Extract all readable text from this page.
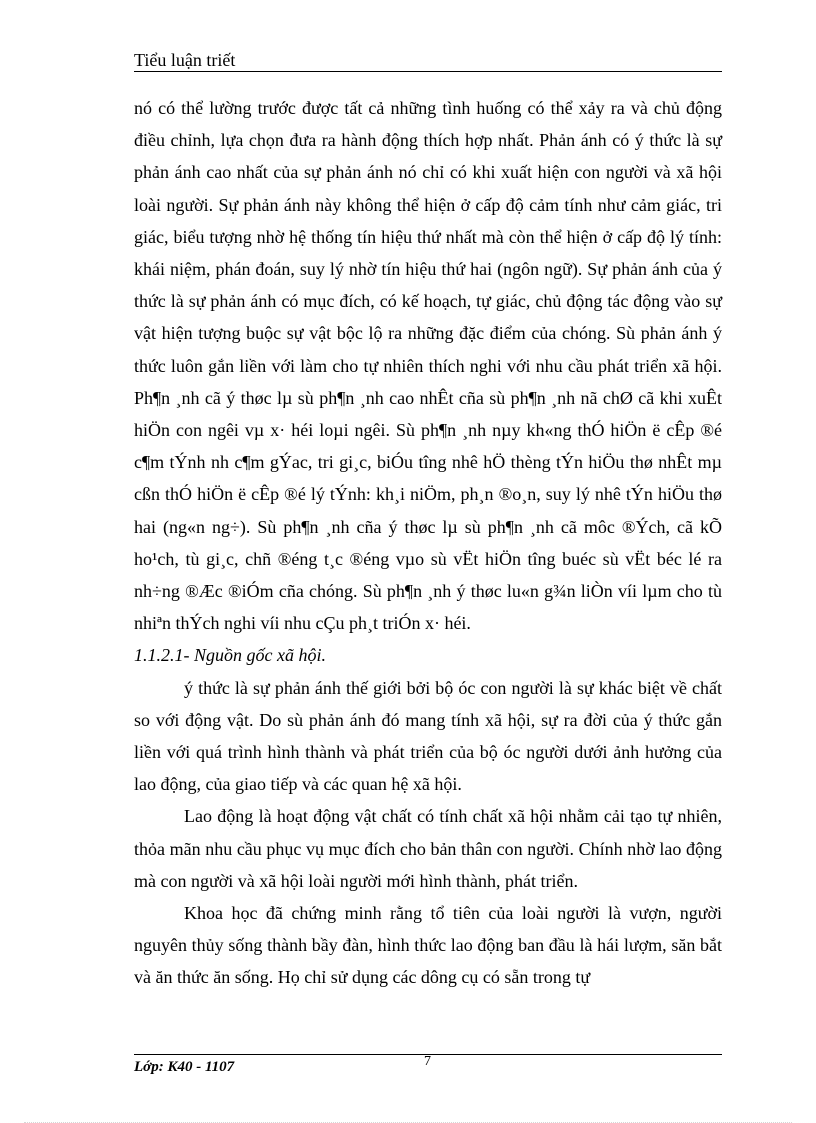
Tiểu luận triết

nó có thể lường trước được tất cả những tình huống có thể xảy ra và chủ động điều chỉnh, lựa chọn đưa ra hành động thích hợp nhất. Phản ánh có ý thức là sự phản ánh cao nhất của sự phản ánh nó chỉ có khi xuất hiện con người và xã hội loài người. Sự phản ánh này không thể hiện ở cấp độ cảm tính như cảm giác, tri giác, biểu tượng nhờ hệ thống tín hiệu thứ nhất mà còn thể hiện ở cấp độ lý tính: khái niệm, phán đoán, suy lý nhờ tín hiệu thứ hai (ngôn ngữ). Sự phản ánh của ý thức là sự phản ánh có mục đích, có kế hoạch, tự giác, chủ động tác động vào sự vật hiện tượng buộc sự vật bộc lộ ra những đặc điểm của chóng. Sù phản ánh ý thức luôn gắn liền với làm cho tự nhiên thích nghi với nhu cầu phát triển xã hội. Ph¶n ¸nh cã ý thøc lµ sù ph¶n ¸nh cao nhÊt cña sù ph¶n ¸nh nã chØ cã khi xuÊt hiÖn con ngêi vµ x· héi loµi ngêi. Sù ph¶n ¸nh nµy kh«ng thÓ hiÖn ë cÊp ®é c¶m tÝnh nh c¶m gÝac, tri gi¸c, biÓu tîng nhê hÖ thèng tÝn hiÖu thø nhÊt mµ cßn thÓ hiÖn ë cÊp ®é lý tÝnh: kh¸i niÖm, ph¸n ®o¸n, suy lý nhê tÝn hiÖu thø hai (ng«n ng÷). Sù ph¶n ¸nh cña ý thøc lµ sù ph¶n ¸nh cã môc ®Ých, cã kÕ ho¹ch, tù gi¸c, chñ ®éng t¸c ®éng vµo sù vËt hiÖn tîng buéc sù vËt béc lé ra nh÷ng ®Æc ®iÓm cña chóng. Sù ph¶n ¸nh ý thøc lu«n g¾n liÒn víi lµm cho tù nhiªn thÝch nghi víi nhu cÇu ph¸t triÓn x· héi.

1.1.2.1- Nguồn gốc xã hội.

ý thức là sự phản ánh thế giới bởi bộ óc con người là sự khác biệt về chất so với động vật. Do sù phản ánh đó mang tính xã hội, sự ra đời của ý thức gắn liền với quá trình hình thành và phát triển của bộ óc người dưới ảnh hưởng của lao động, của giao tiếp và các quan hệ xã hội.

Lao động là hoạt động vật chất có tính chất xã hội nhằm cải tạo tự nhiên, thỏa mãn nhu cầu phục vụ mục đích cho bản thân con người. Chính nhờ lao động mà con người và xã hội loài người mới hình thành, phát triển.

Khoa học đã chứng minh rằng tổ tiên của loài người là vượn, người nguyên thủy sống thành bầy đàn, hình thức lao động ban đầu là hái lượm, săn bắt và ăn thức ăn sống. Họ chỉ sử dụng các dông cụ có sẵn trong tự

Lớp: K40 - 1107	7
